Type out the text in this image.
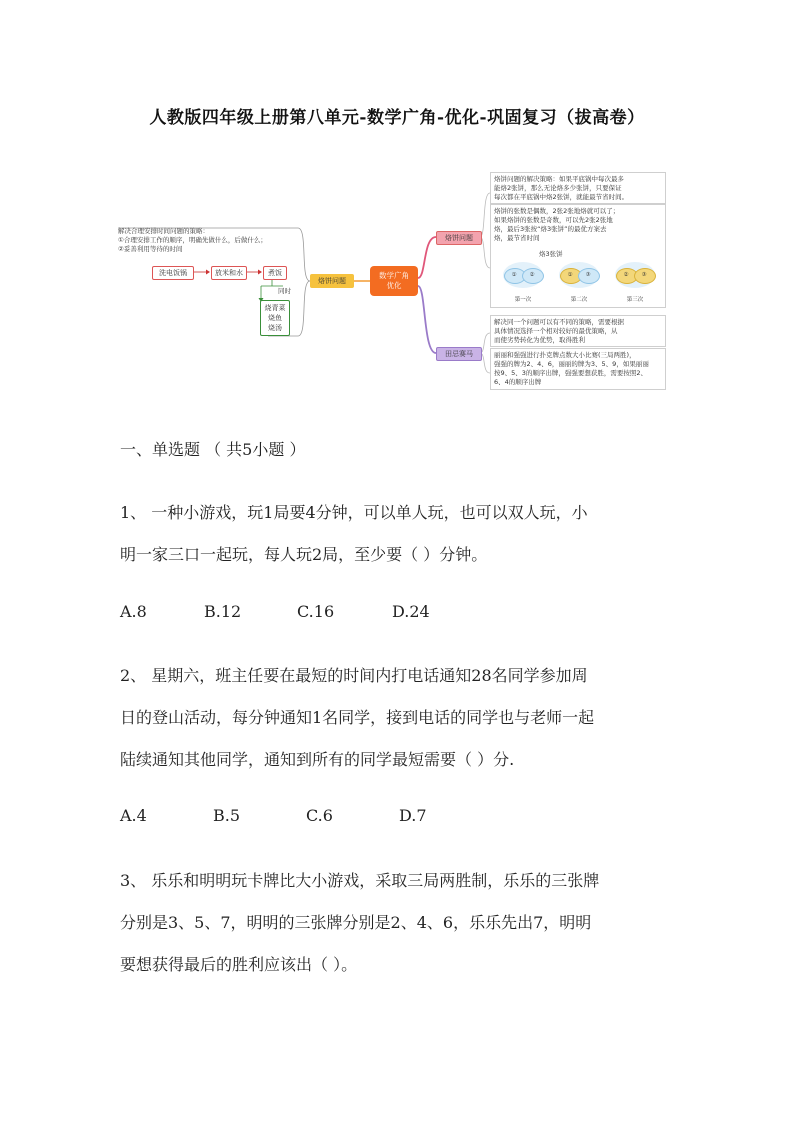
人教版四年级上册第八单元-数学广角-优化-巩固复习（拔高卷）
解决合理安排时间问题的策略：
①合理安排工作的顺序，明确先做什么，后做什么；
②妥善利用等待的时间
洗电饭锅	放米和水	煮饭
同时
烧青菜
烧鱼
烧汤
烙饼问题
数学广角
优化
烙饼问题
田忌赛马
烙饼问题的解决策略：如果平底锅中每次最多
能烙2张饼，那么无论烙多少张饼，只要保证
每次都在平底锅中烙2张饼，就能最节省时间。
烙饼的张数是偶数，2张2张地烙就可以了；
如果烙饼的张数是奇数，可以先2张2张地
烙，最后3张按“烙3张饼”的最优方案去
烙，最节省时间
烙3张饼
①	②	①	③	②	③
第一次	第二次	第三次
解决同一个问题可以有不同的策略，需要根据
具体情况选择一个相对较好的最优策略，从
而使劣势转化为优势，取得胜利
丽丽和强强进行扑克牌点数大小比赛(三局两胜)，
强强的牌为2、4、6，丽丽的牌为3、5、9，如果丽丽
按9、5、3的顺序出牌，强强要想获胜，需要按照2、
6、4的顺序出牌
一、单选题 （ 共5小题 ）
1、 一种小游戏，玩1局要4分钟，可以单人玩，也可以双人玩，小
明一家三口一起玩，每人玩2局，至少要（ ）分钟。
A.8	B.12	C.16	D.24
2、 星期六，班主任要在最短的时间内打电话通知28名同学参加周
日的登山活动，每分钟通知1名同学，接到电话的同学也与老师一起
陆续通知其他同学，通知到所有的同学最短需要（ ）分.
A.4	B.5	C.6	D.7
3、 乐乐和明明玩卡牌比大小游戏，采取三局两胜制，乐乐的三张牌
分别是3、5、7，明明的三张牌分别是2、4、6，乐乐先出7，明明
要想获得最后的胜利应该出（ ）。
